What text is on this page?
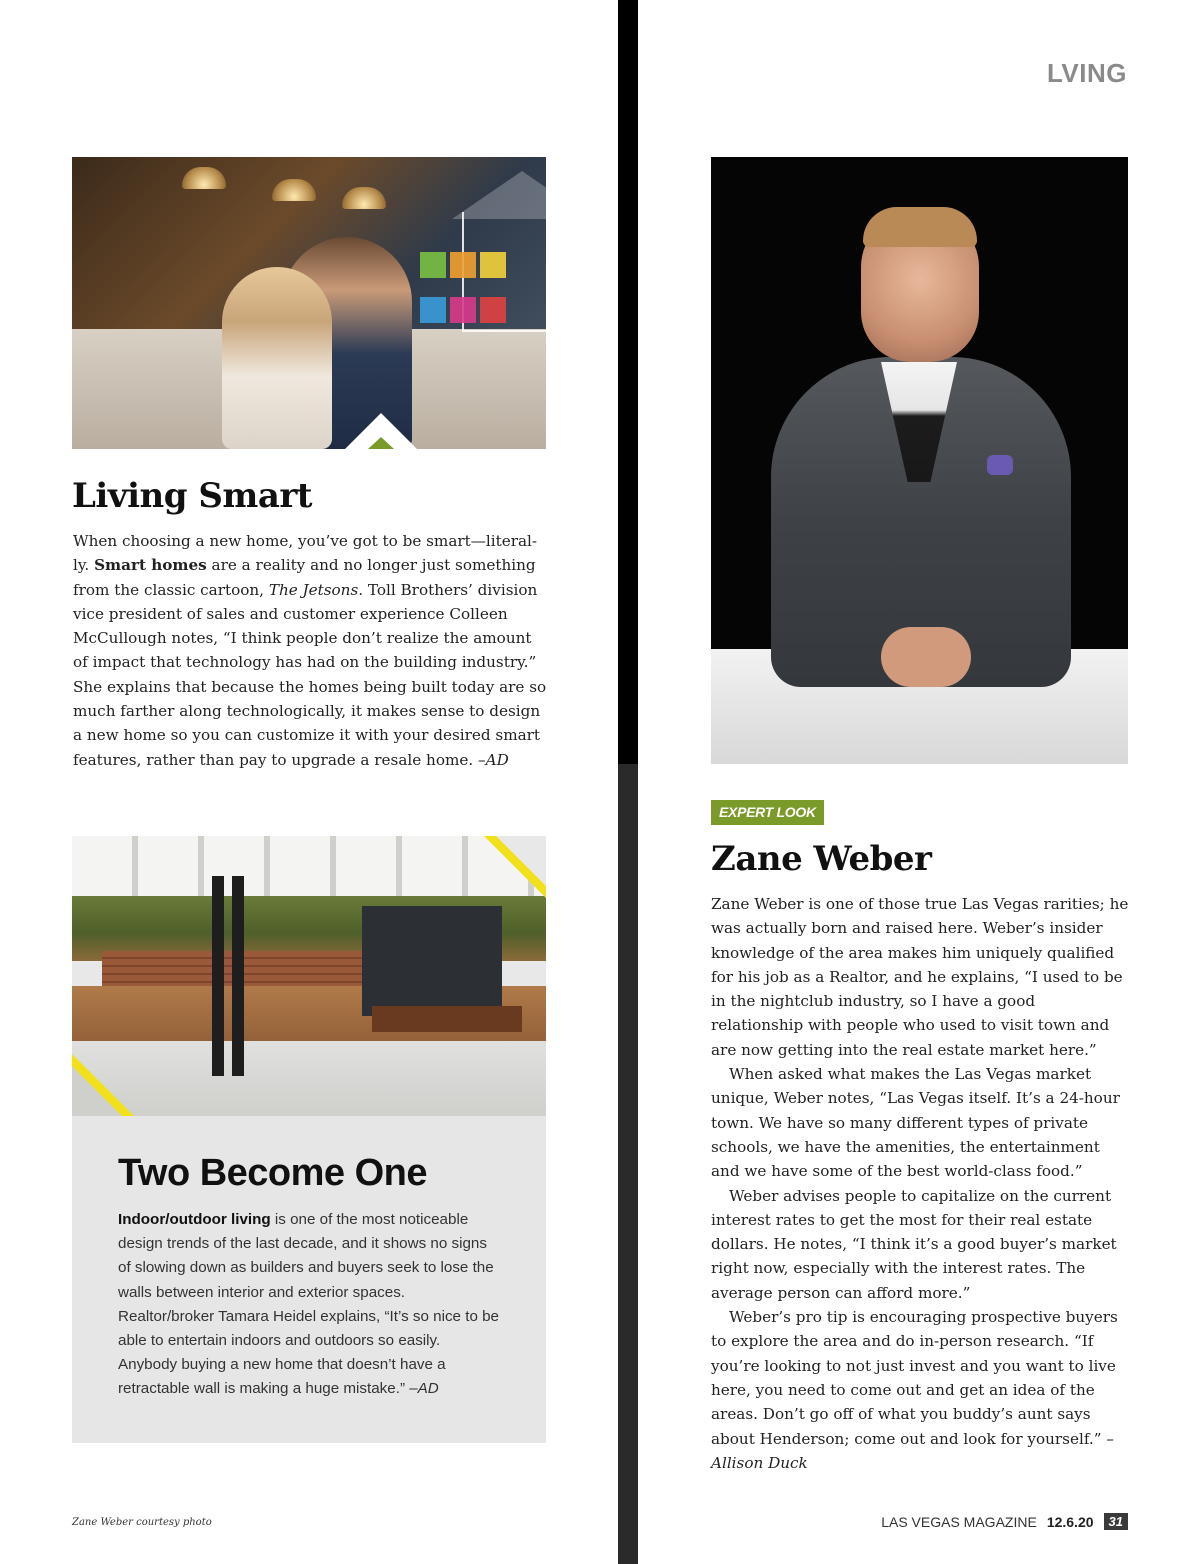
LVING
Living Smart
When choosing a new home, you’ve got to be smart—literal-ly. Smart homes are a reality and no longer just something from the classic cartoon, The Jetsons. Toll Brothers’ division vice president of sales and customer experience Colleen McCullough notes, “I think people don’t realize the amount of impact that technology has had on the building industry.” She explains that because the homes being built today are so much farther along technologically, it makes sense to design a new home so you can customize it with your desired smart features, rather than pay to upgrade a resale home. –AD
Two Become One
Indoor/outdoor living is one of the most noticeable design trends of the last decade, and it shows no signs of slowing down as builders and buyers seek to lose the walls between interior and exterior spaces. Realtor/broker Tamara Heidel explains, “It’s so nice to be able to entertain indoors and outdoors so easily. Anybody buying a new home that doesn’t have a retractable wall is making a huge mistake.” –AD
EXPERT LOOK
Zane Weber

Zane Weber is one of those true Las Vegas rarities; he was actually born and raised here. Weber’s insider knowledge of the area makes him uniquely qualified for his job as a Realtor, and he explains, “I used to be in the nightclub industry, so I have a good relationship with people who used to visit town and are now getting into the real estate market here.”

When asked what makes the Las Vegas market unique, Weber notes, “Las Vegas itself. It’s a 24-hour town. We have so many different types of private schools, we have the amenities, the entertainment and we have some of the best world-class food.”

Weber advises people to capitalize on the current interest rates to get the most for their real estate dollars. He notes, “I think it’s a good buyer’s market right now, especially with the interest rates. The average person can afford more.”

Weber’s pro tip is encouraging prospective buyers to explore the area and do in-person research. “If you’re looking to not just invest and you want to live here, you need to come out and get an idea of the areas. Don’t go off of what you buddy’s aunt says about Henderson; come out and look for yourself.” –Allison Duck

Zane Weber courtesy photo	LAS VEGAS MAGAZINE 12.6.20	31
